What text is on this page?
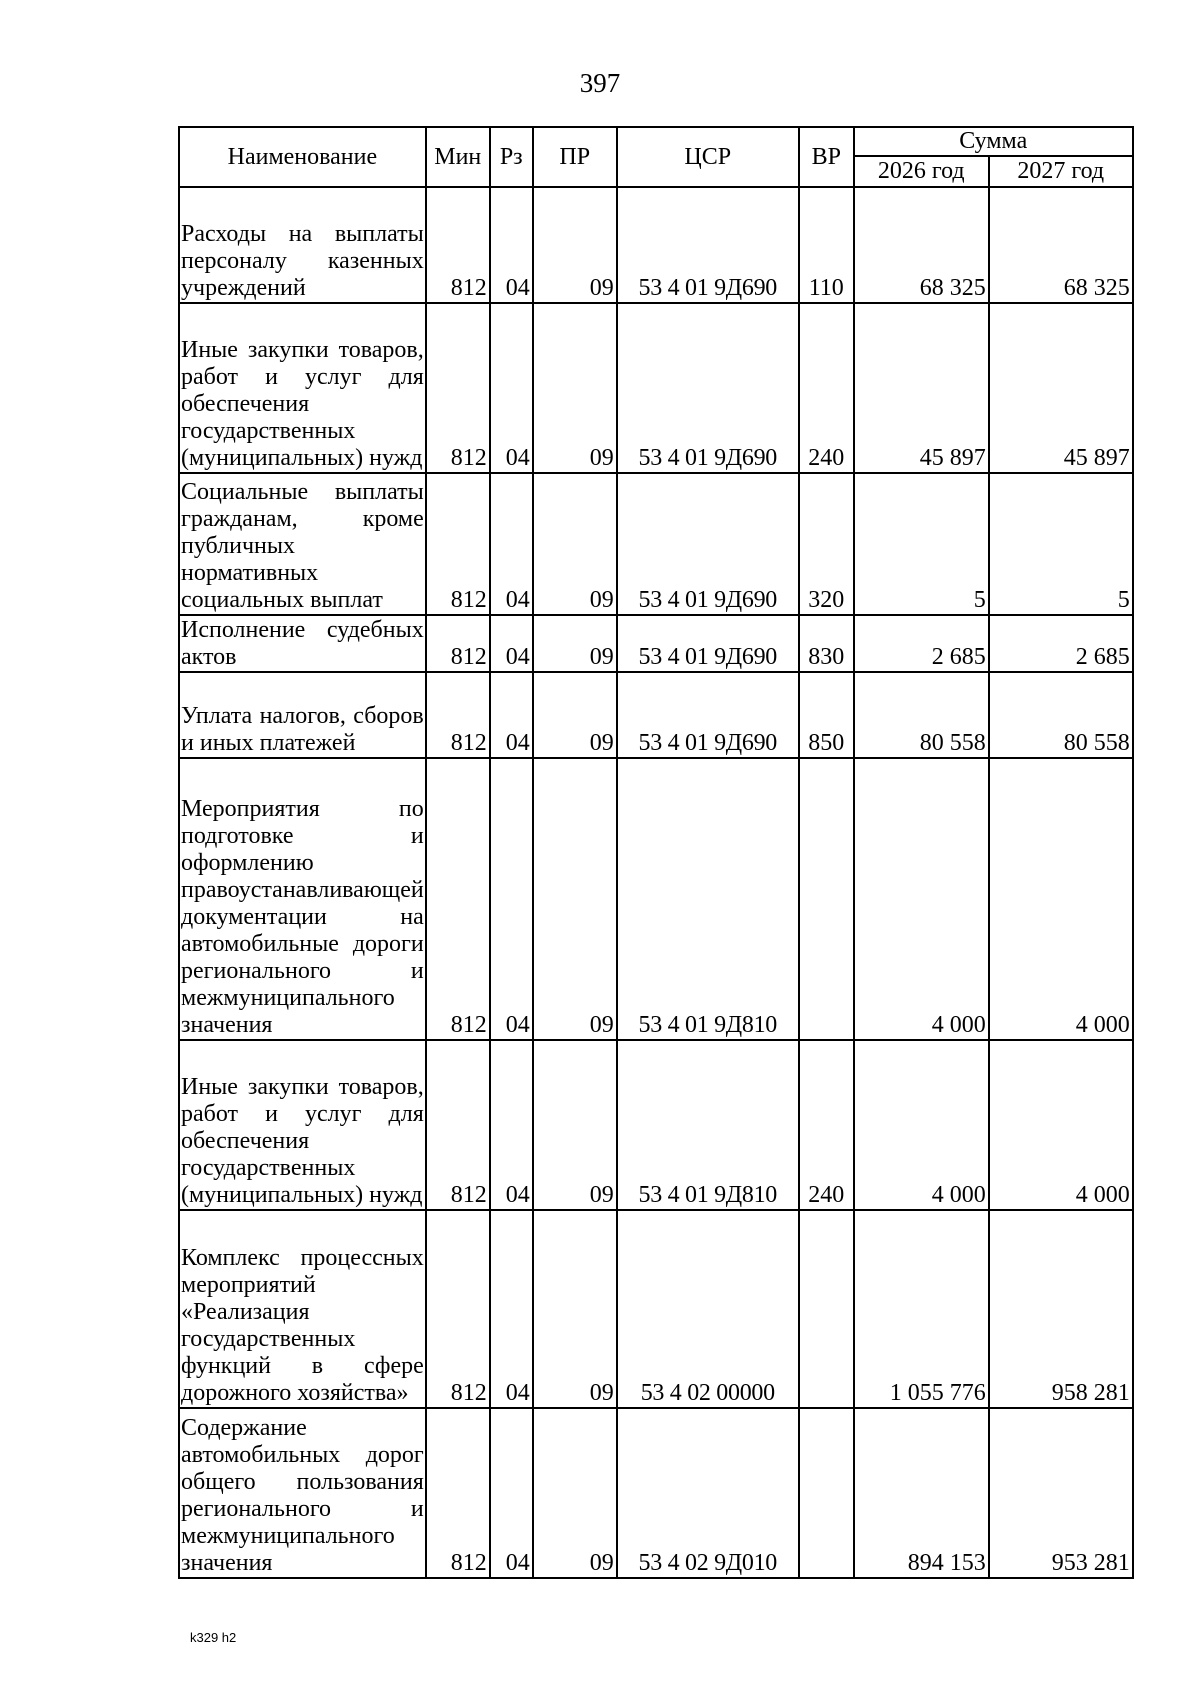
397
Наименование	Мин	Рз	ПР	ЦСР	ВР	Сумма	
						2026 год	2027 год
Расходы на выплаты персоналу казенных учреждений	812	04	09	53 4 01 9Д690	110	68 325	68 325
Иные закупки товаров, работ и услуг для обеспечения государственных (муниципальных) нужд	812	04	09	53 4 01 9Д690	240	45 897	45 897
Социальные выплаты гражданам, кроме публичных нормативных социальных выплат	812	04	09	53 4 01 9Д690	320	5	5
Исполнение судебных актов	812	04	09	53 4 01 9Д690	830	2 685	2 685
Уплата налогов, сборов и иных платежей	812	04	09	53 4 01 9Д690	850	80 558	80 558
Мероприятия по подготовке и оформлению правоустанавливающей документации на автомобильные дороги регионального и межмуниципального значения	812	04	09	53 4 01 9Д810		4 000	4 000
Иные закупки товаров, работ и услуг для обеспечения государственных (муниципальных) нужд	812	04	09	53 4 01 9Д810	240	4 000	4 000
Комплекс процессных мероприятий «Реализация государственных функций в сфере дорожного хозяйства»	812	04	09	53 4 02 00000		1 055 776	958 281
Содержание автомобильных дорог общего пользования регионального и межмуниципального значения	812	04	09	53 4 02 9Д010		894 153	953 281
k329 h2
